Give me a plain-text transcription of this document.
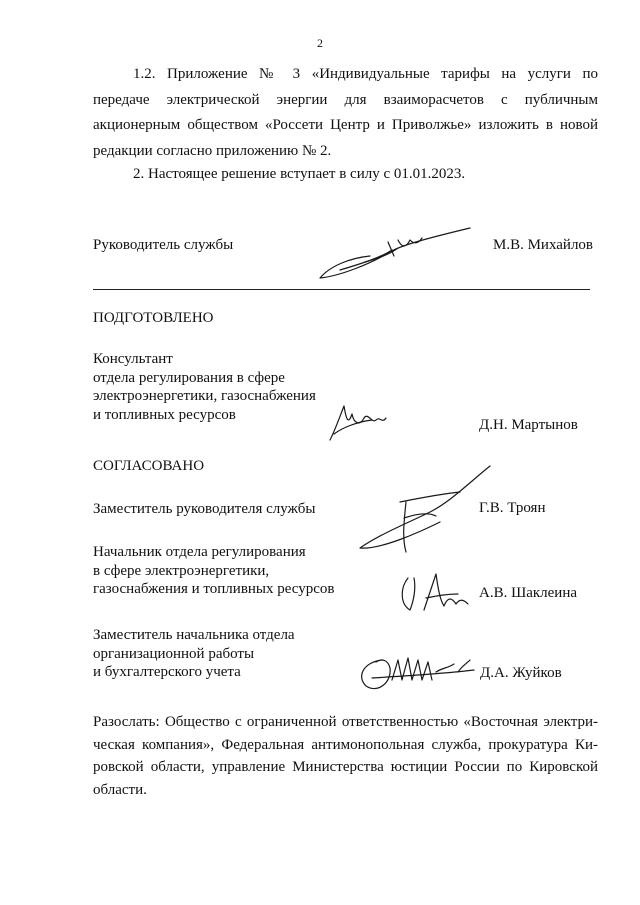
2
1.2. Приложение № 3 «Индивидуальные тарифы на услуги по
передаче электрической энергии для взаиморасчетов с публичным
акционерным обществом «Россети Центр и Приволжье» изложить в новой
редакции согласно приложению № 2.
2. Настоящее решение вступает в силу с 01.01.2023.
Руководитель службы	М.В. Михайлов
ПОДГОТОВЛЕНО
Консультант
отдела регулирования в сфере
электроэнергетики, газоснабжения
и топливных ресурсов
Д.Н. Мартынов
СОГЛАСОВАНО
Заместитель руководителя службы	Г.В. Троян
Начальник отдела регулирования
в сфере электроэнергетики,
газоснабжения и топливных ресурсов	А.В. Шаклеина
Заместитель начальника отдела
организационной работы
и бухгалтерского учета	Д.А. Жуйков
Разослать: Общество с ограниченной ответственностью «Восточная электри-
ческая компания», Федеральная антимонопольная служба, прокуратура Ки-
ровской области, управление Министерства юстиции России по Кировской
области.
